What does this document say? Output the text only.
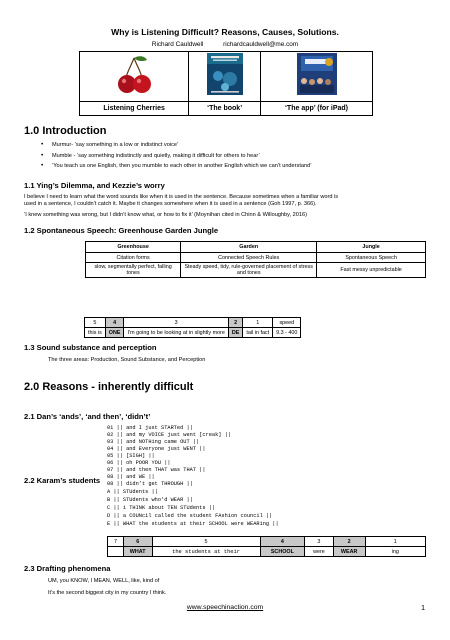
Why is Listening Difficult? Reasons, Causes, Solutions.
Richard Cauldwell	richardcauldwell@me.com

Listening Cherries	‘The book’	‘The app’ (for iPad)
1.0 Introduction
• Murmur- ‘say something in a low or indistinct voice’
• Mumble - ‘say something indistinctly and quietly, making it difficult for others to hear’
• ‘You teach us one English, then you mumble to each other in another English which we can’t understand’
1.1 Ying’s Dilemma, and Kezzie’s worry

I believe I need to learn what the word sounds like when it is used in the sentence. Because sometimes when a familiar word is

used in a sentence, I couldn’t catch it. Maybe it changes somewhere when it is used in a sentence (Goh 1997, p. 366).

‘I knew something was wrong, but I didn’t know what, or how to fix it’ (Moynihan cited in Chinn & Willoughby, 2016)

1.2 Spontaneous Speech: Greenhouse Garden Jungle
Greenhouse	Garden	Jungle
Citation forms	Connected Speech Rules	Spontaneous Speech
slow, segmentally perfect, falling tones	Steady speed, tidy, rule-governed placement of stress and tones	Fast messy unpredictable
5	4	3	2	1	speed
this is	ONE	I’m going to be looking at in slightly more	DE	tail in fact	9.3 - 400
1.3 Sound substance and perception

The three areas: Production, Sound Substance, and Perception

2.0 Reasons - inherently difficult
2.1 Dan’s ‘ands’, ‘and then’, ‘didn’t’
01 || and I just STARTed ||
02 || and my VOICE just went [creak] ||
03 || and NOTHing came OUT ||
04 || and Everyone just WENT ||
05 || [SIGH] ||
06 || oh POOR YOU ||
07 || and then THAT was THAT ||
08 || and WE ||
08 || didn’t get THROUGH ||
2.2 Karam’s students
A || STUdents ||
B || STUdents who'd WEAR ||
C || i THINK about TEN STUdents ||
D || a COUNcil called the student FAshion council ||
E || WHAT the students at their SCHOOL were WEARing ||
7	6	5	4	3	2	1
	WHAT	the students at their	SCHOOL	were	WEAR	ing
2.3 Drafting phenomena

UM, you KNOW, I MEAN, WELL, like, kind of

It’s the second biggest city in my country I think.

www.speechinaction.com	1
